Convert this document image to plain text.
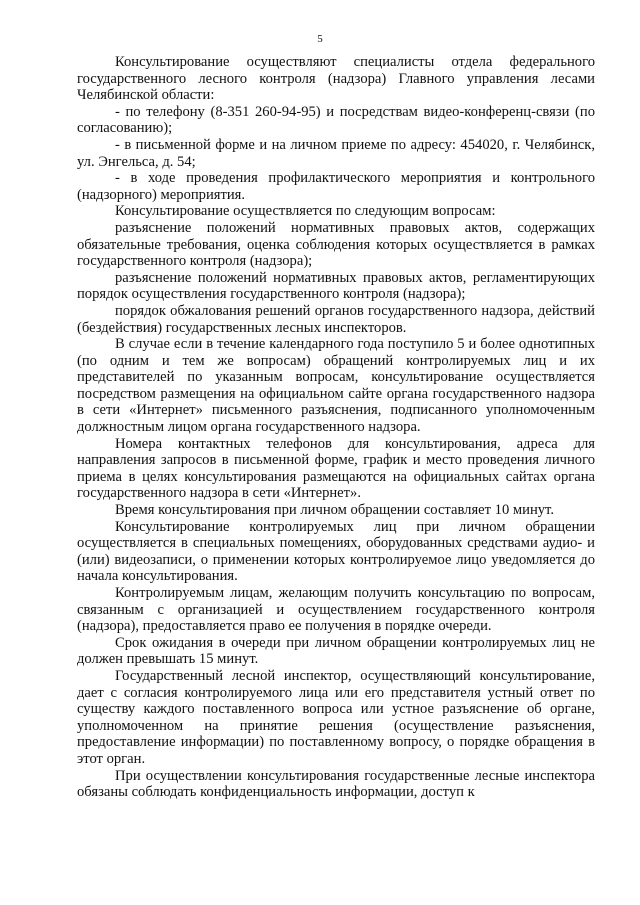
5

Консультирование осуществляют специалисты отдела федерального государственного лесного контроля (надзора) Главного управления лесами Челябинской области:

- по телефону (8-351 260-94-95) и посредствам видео-конференц-связи (по согласованию);

- в письменной форме и на личном приеме по адресу: 454020, г. Челябинск, ул. Энгельса, д. 54;

- в ходе проведения профилактического мероприятия и контрольного (надзорного) мероприятия.

Консультирование осуществляется по следующим вопросам:

разъяснение положений нормативных правовых актов, содержащих обязательные требования, оценка соблюдения которых осуществляется в рамках государственного контроля (надзора);

разъяснение положений нормативных правовых актов, регламентирующих порядок осуществления государственного контроля (надзора);

порядок обжалования решений органов государственного надзора, действий (бездействия) государственных лесных инспекторов.

В случае если в течение календарного года поступило 5 и более однотипных (по одним и тем же вопросам) обращений контролируемых лиц и их представителей по указанным вопросам, консультирование осуществляется посредством размещения на официальном сайте органа государственного надзора в сети «Интернет» письменного разъяснения, подписанного уполномоченным должностным лицом органа государственного надзора.

Номера контактных телефонов для консультирования, адреса для направления запросов в письменной форме, график и место проведения личного приема в целях консультирования размещаются на официальных сайтах органа государственного надзора в сети «Интернет».

Время консультирования при личном обращении составляет 10 минут.

Консультирование контролируемых лиц при личном обращении осуществляется в специальных помещениях, оборудованных средствами аудио- и (или) видеозаписи, о применении которых контролируемое лицо уведомляется до начала консультирования.

Контролируемым лицам, желающим получить консультацию по вопросам, связанным с организацией и осуществлением государственного контроля (надзора), предоставляется право ее получения в порядке очереди.

Срок ожидания в очереди при личном обращении контролируемых лиц не должен превышать 15 минут.

Государственный лесной инспектор, осуществляющий консультирование, дает с согласия контролируемого лица или его представителя устный ответ по существу каждого поставленного вопроса или устное разъяснение об органе, уполномоченном на принятие решения (осуществление разъяснения, предоставление информации) по поставленному вопросу, о порядке обращения в этот орган.

При осуществлении консультирования государственные лесные инспектора обязаны соблюдать конфиденциальность информации, доступ к
